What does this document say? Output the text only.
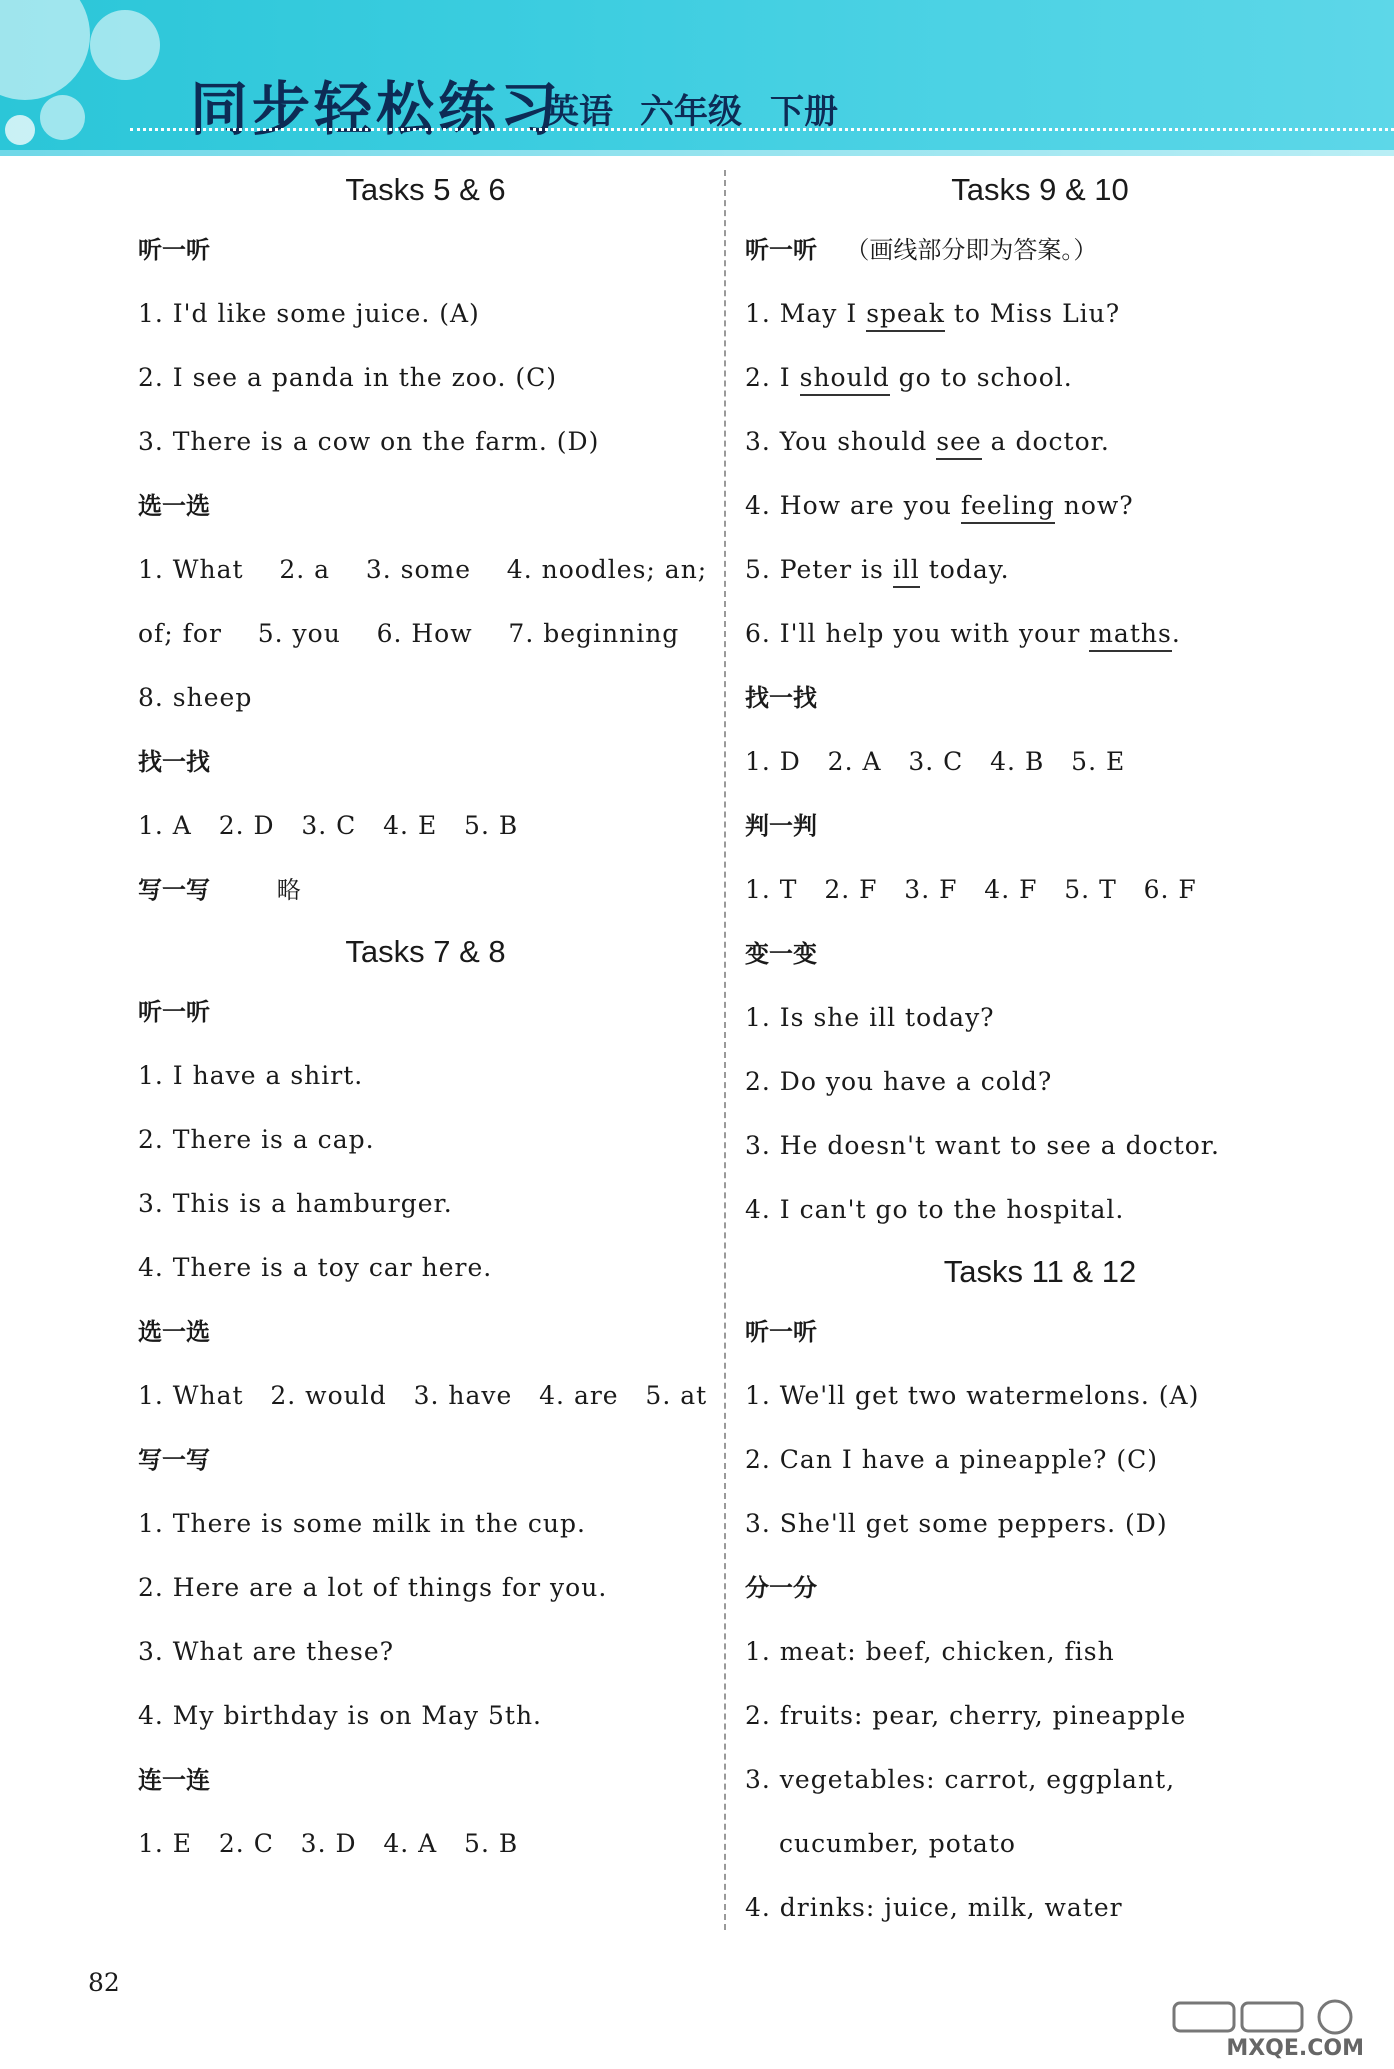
同步轻松练习
英语 六年级 下册
Tasks 5 & 6
听一听
1. I'd like some juice. (A)
2. I see a panda in the zoo. (C)
3. There is a cow on the farm. (D)
选一选
1. What    2. a    3. some    4. noodles; an;
of; for    5. you    6. How    7. beginning
8. sheep
找一找
1. A   2. D   3. C   4. E   5. B
写一写	略
Tasks 7 & 8
听一听
1. I have a shirt.
2. There is a cap.
3. This is a hamburger.
4. There is a toy car here.
选一选
1. What   2. would   3. have   4. are   5. at
写一写
1. There is some milk in the cup.
2. Here are a lot of things for you.
3. What are these?
4. My birthday is on May 5th.
连一连
1. E   2. C   3. D   4. A   5. B
Tasks 9 & 10
听一听 （画线部分即为答案。）
1. May I speak to Miss Liu?
2. I should go to school.
3. You should see a doctor.
4. How are you feeling now?
5. Peter is ill today.
6. I'll help you with your maths.
找一找
1. D   2. A   3. C   4. B   5. E
判一判
1. T   2. F   3. F   4. F   5. T   6. F
变一变
1. Is she ill today?
2. Do you have a cold?
3. He doesn't want to see a doctor.
4. I can't go to the hospital.
Tasks 11 & 12
听一听
1. We'll get two watermelons. (A)
2. Can I have a pineapple? (C)
3. She'll get some peppers. (D)
分一分
1. meat: beef, chicken, fish
2. fruits: pear, cherry, pineapple
3. vegetables: carrot, eggplant,
cucumber, potato
4. drinks: juice, milk, water
82
MXQE.COM
